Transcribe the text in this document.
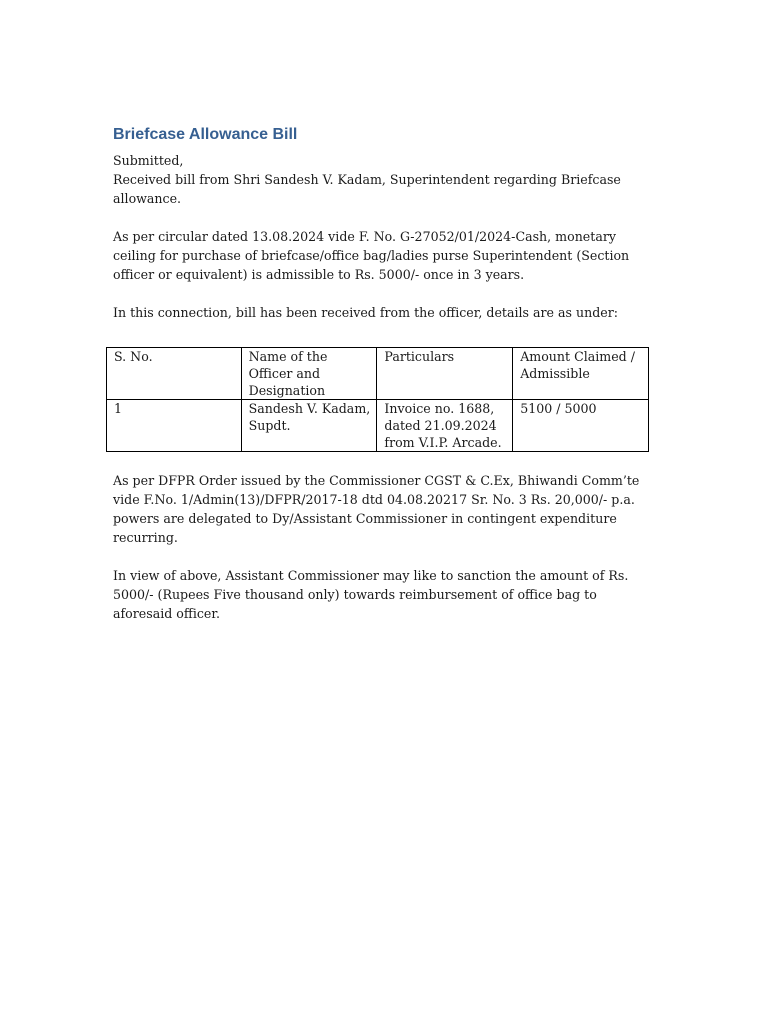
Briefcase Allowance Bill

Submitted,

Received bill from Shri Sandesh V. Kadam, Superintendent regarding Briefcase allowance.

As per circular dated 13.08.2024 vide F. No. G-27052/01/2024-Cash, monetary ceiling for purchase of briefcase/office bag/ladies purse Superintendent (Section officer or equivalent) is admissible to Rs. 5000/- once in 3 years.

In this connection, bill has been received from the officer, details are as under:

S. No.	Name of the Officer and Designation	Particulars	Amount Claimed / Admissible
1	Sandesh V. Kadam, Supdt.	Invoice no. 1688, dated 21.09.2024 from V.I.P. Arcade.	5100 / 5000

As per DFPR Order issued by the Commissioner CGST & C.Ex, Bhiwandi Comm’te vide F.No. 1/Admin(13)/DFPR/2017-18 dtd 04.08.20217 Sr. No. 3 Rs. 20,000/- p.a. powers are delegated to Dy/Assistant Commissioner in contingent expenditure recurring.

In view of above, Assistant Commissioner may like to sanction the amount of Rs. 5000/- (Rupees Five thousand only) towards reimbursement of office bag to aforesaid officer.
